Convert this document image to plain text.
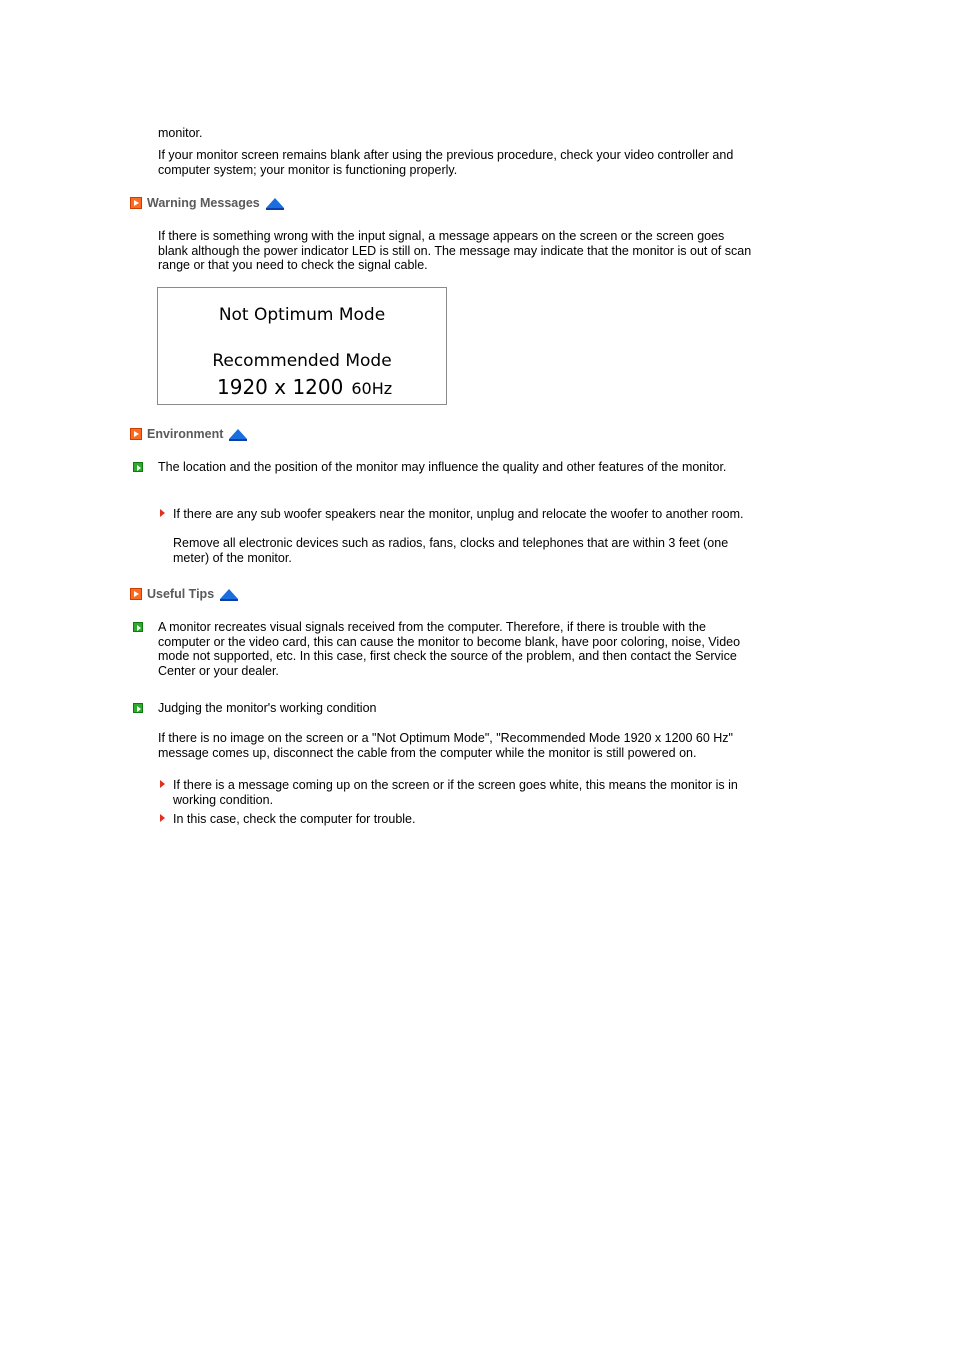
monitor.

If your monitor screen remains blank after using the previous procedure, check your video controller and computer system; your monitor is functioning properly.

Warning Messages

If there is something wrong with the input signal, a message appears on the screen or the screen goes blank although the power indicator LED is still on. The message may indicate that the monitor is out of scan range or that you need to check the signal cable.

Not Optimum Mode
Recommended Mode
1920 x 1200 60Hz
Environment

The location and the position of the monitor may influence the quality and other features of the monitor.

If there are any sub woofer speakers near the monitor, unplug and relocate the woofer to another room.

Remove all electronic devices such as radios, fans, clocks and telephones that are within 3 feet (one meter) of the monitor.

Useful Tips

A monitor recreates visual signals received from the computer. Therefore, if there is trouble with the computer or the video card, this can cause the monitor to become blank, have poor coloring, noise, Video mode not supported, etc. In this case, first check the source of the problem, and then contact the Service Center or your dealer.

Judging the monitor's working condition

If there is no image on the screen or a "Not Optimum Mode", "Recommended Mode 1920 x 1200 60 Hz" message comes up, disconnect the cable from the computer while the monitor is still powered on.

If there is a message coming up on the screen or if the screen goes white, this means the monitor is in working condition.

In this case, check the computer for trouble.
